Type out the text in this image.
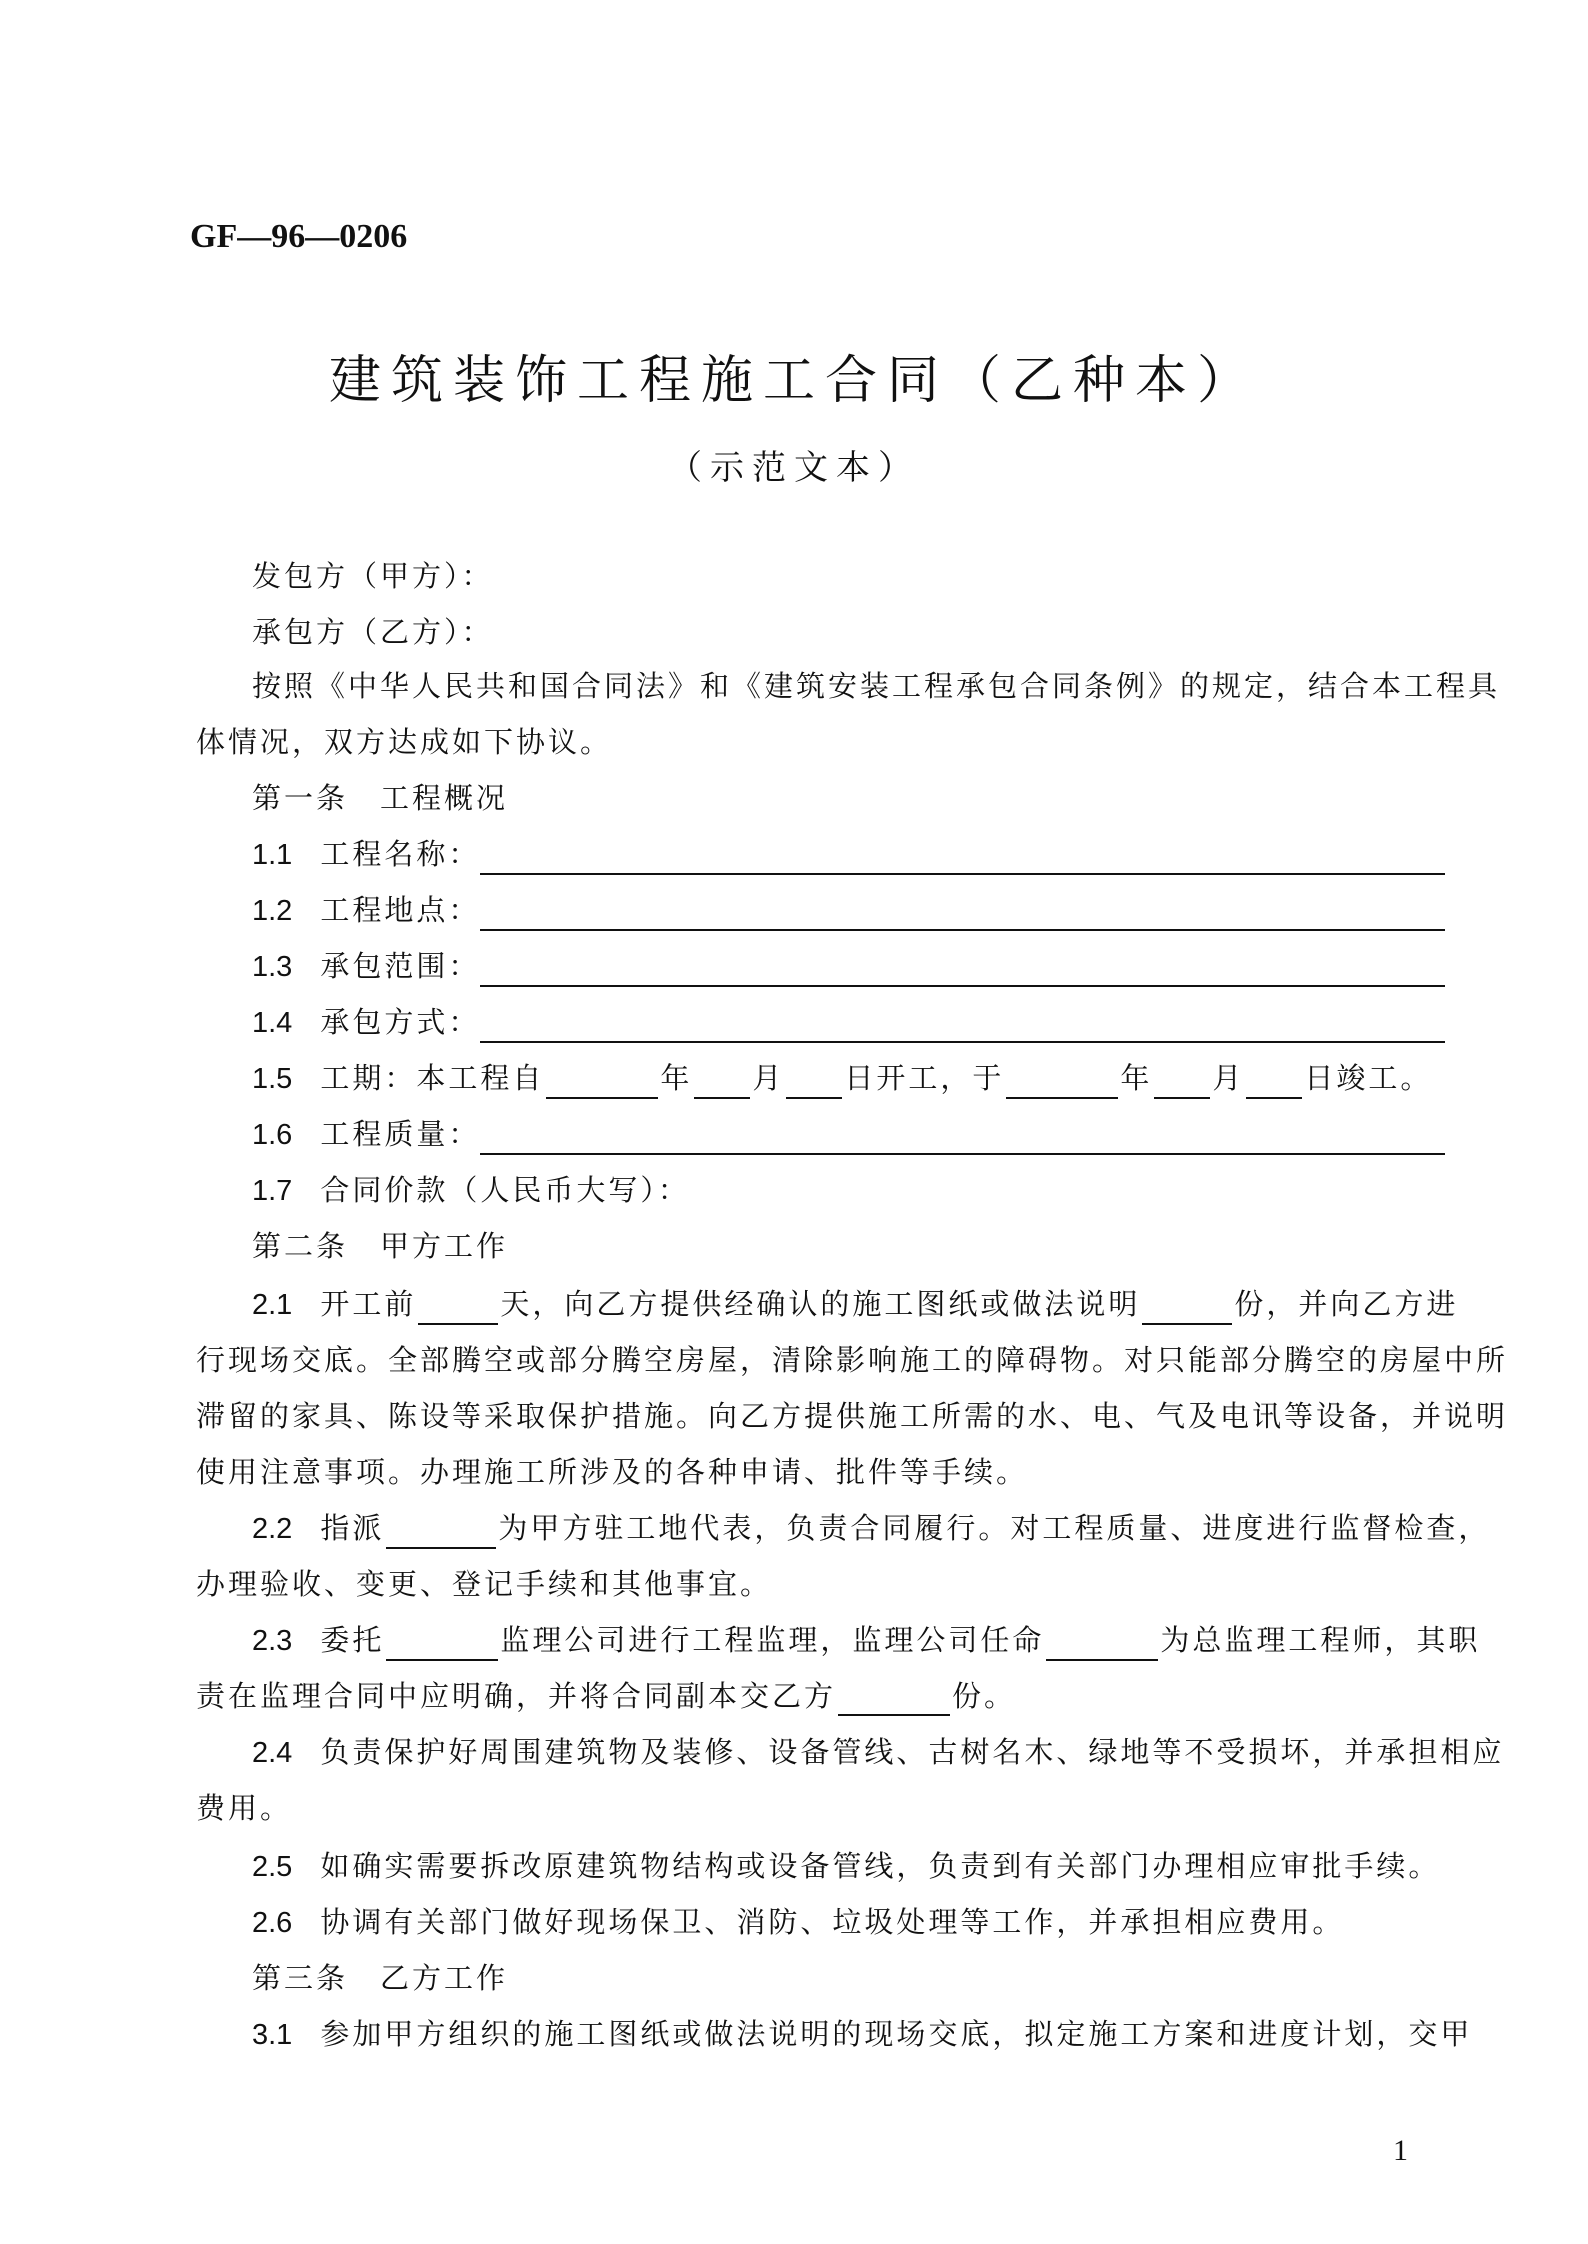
GF—96—0206
建筑装饰工程施工合同（乙种本）
（示范文本）
发包方（甲方）：
承包方（乙方）：
按照《中华人民共和国合同法》和《建筑安装工程承包合同条例》的规定，结合本工程具
体情况，双方达成如下协议。
第一条　工程概况
1.1 工程名称：
1.2 工程地点：
1.3 承包范围：
1.4 承包方式：
1.5 工期：本工程自	年 月 日开工，于	年 月 日竣工。
1.6 工程质量：
1.7 合同价款（人民币大写）：
第二条　甲方工作
2.1 开工前	天，向乙方提供经确认的施工图纸或做法说明	份，并向乙方进
行现场交底。全部腾空或部分腾空房屋，清除影响施工的障碍物。对只能部分腾空的房屋中所
滞留的家具、陈设等采取保护措施。向乙方提供施工所需的水、电、气及电讯等设备，并说明
使用注意事项。办理施工所涉及的各种申请、批件等手续。
2.2 指派	为甲方驻工地代表，负责合同履行。对工程质量、进度进行监督检查，
办理验收、变更、登记手续和其他事宜。
2.3 委托	监理公司进行工程监理，监理公司任命	为总监理工程师，其职
责在监理合同中应明确，并将合同副本交乙方	份。
2.4 负责保护好周围建筑物及装修、设备管线、古树名木、绿地等不受损坏，并承担相应
费用。
2.5 如确实需要拆改原建筑物结构或设备管线，负责到有关部门办理相应审批手续。
2.6 协调有关部门做好现场保卫、消防、垃圾处理等工作，并承担相应费用。
第三条　乙方工作
3.1 参加甲方组织的施工图纸或做法说明的现场交底，拟定施工方案和进度计划，交甲
1
